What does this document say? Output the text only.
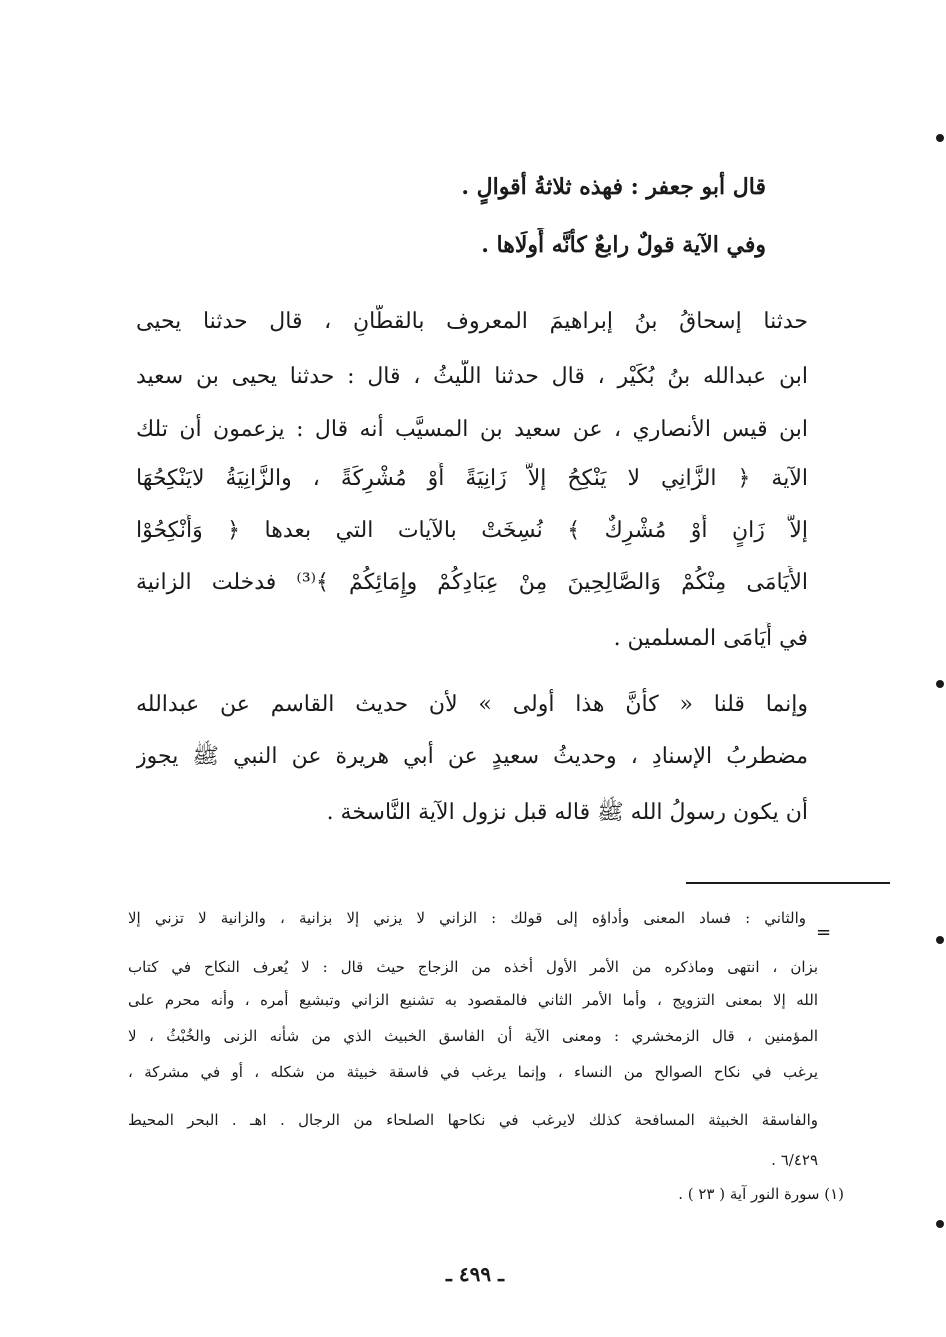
قال أبو جعفر : فهذه ثلاثةُ أقوالٍ .
وفي الآية قولٌ رابعٌ كأنَّه أَولَاها .
حدثنا إسحاقُ بنُ إبراهيمَ المعروف بالقطّانِ ، قال حدثنا يحيى
ابن عبدالله بنُ بُكَيْر ، قال حدثنا اللَّيثُ ، قال : حدثنا يحيى بن سعيد
ابن قيس الأنصاري ، عن سعيد بن المسيَّب أنه قال : يزعمون أن تلك
الآية ﴿ الزَّانِي لا يَنْكِحُ إلاَّ زَانِيَةً أَوْ مُشْرِكَةً ، والزَّانِيَةُ لايَنْكِحُهَا
إلاَّ زَانٍ أَوْ مُشْرِكٌ ﴾ نُسِخَتْ بالآيات التي بعدها ﴿ وَأَنْكِحُوْا
الأَيَامَى مِنْكُمْ وَالصَّالِحِينَ مِنْ عِبَادِكُمْ وإِمَائِكُمْ ﴾⁽³⁾ فدخلت الزانية
في أَيَامَى المسلمين .
وإنما قلنا « كأنَّ هذا أولى » لأن حديث القاسم عن عبدالله
مضطربُ الإسنادِ ، وحديثُ سعيدٍ عن أبي هريرة عن النبي ﷺ يجوز
أن يكون رسولُ الله ﷺ قاله قبل نزول الآية النَّاسخة .
=
والثاني : فساد المعنى وأداؤه إلى قولك : الزاني لا يزني إلا بزانية ، والزانية لا تزني إلا
بزان ، انتهى وماذكره من الأمر الأول أخذه من الزجاج حيث قال : لا يُعرف النكاح في كتاب
الله إلا بمعنى التزويج ، وأما الأمر الثاني فالمقصود به تشنيع الزاني وتبشيع أمره ، وأنه محرم على
المؤمنين ، قال الزمخشري : ومعنى الآية أن الفاسق الخبيث الذي من شأنه الزنى والخُبْثُ ، لا
يرغب في نكاح الصوالح من النساء ، وإنما يرغب في فاسقة خبيثة من شكله ، أو في مشركة ،
والفاسقة الخبيثة المسافحة كذلك لايرغب في نكاحها الصلحاء من الرجال . اهـ . البحر المحيط
٦/٤٢٩ .
(١) سورة النور آية ( ٢٣ ) .
ـ ٤٩٩ ـ
